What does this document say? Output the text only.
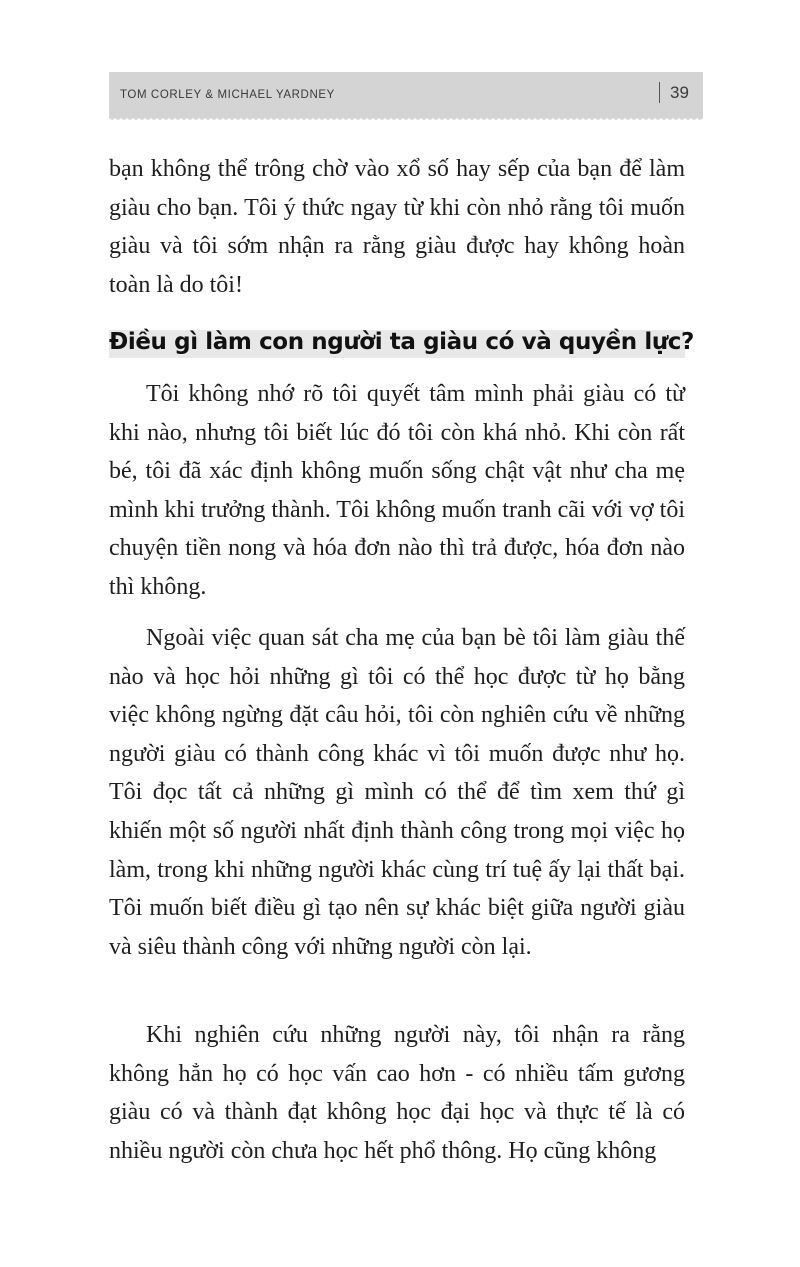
TOM CORLEY & MICHAEL YARDNEY	39

bạn không thể trông chờ vào xổ số hay sếp của bạn để làm giàu cho bạn. Tôi ý thức ngay từ khi còn nhỏ rằng tôi muốn giàu và tôi sớm nhận ra rằng giàu được hay không hoàn toàn là do tôi!

Điều gì làm con người ta giàu có và quyền lực?

Tôi không nhớ rõ tôi quyết tâm mình phải giàu có từ khi nào, nhưng tôi biết lúc đó tôi còn khá nhỏ. Khi còn rất bé, tôi đã xác định không muốn sống chật vật như cha mẹ mình khi trưởng thành. Tôi không muốn tranh cãi với vợ tôi chuyện tiền nong và hóa đơn nào thì trả được, hóa đơn nào thì không.

Ngoài việc quan sát cha mẹ của bạn bè tôi làm giàu thế nào và học hỏi những gì tôi có thể học được từ họ bằng việc không ngừng đặt câu hỏi, tôi còn nghiên cứu về những người giàu có thành công khác vì tôi muốn được như họ. Tôi đọc tất cả những gì mình có thể để tìm xem thứ gì khiến một số người nhất định thành công trong mọi việc họ làm, trong khi những người khác cùng trí tuệ ấy lại thất bại. Tôi muốn biết điều gì tạo nên sự khác biệt giữa người giàu và siêu thành công với những người còn lại.

Khi nghiên cứu những người này, tôi nhận ra rằng không hẳn họ có học vấn cao hơn - có nhiều tấm gương giàu có và thành đạt không học đại học và thực tế là có nhiều người còn chưa học hết phổ thông. Họ cũng không
